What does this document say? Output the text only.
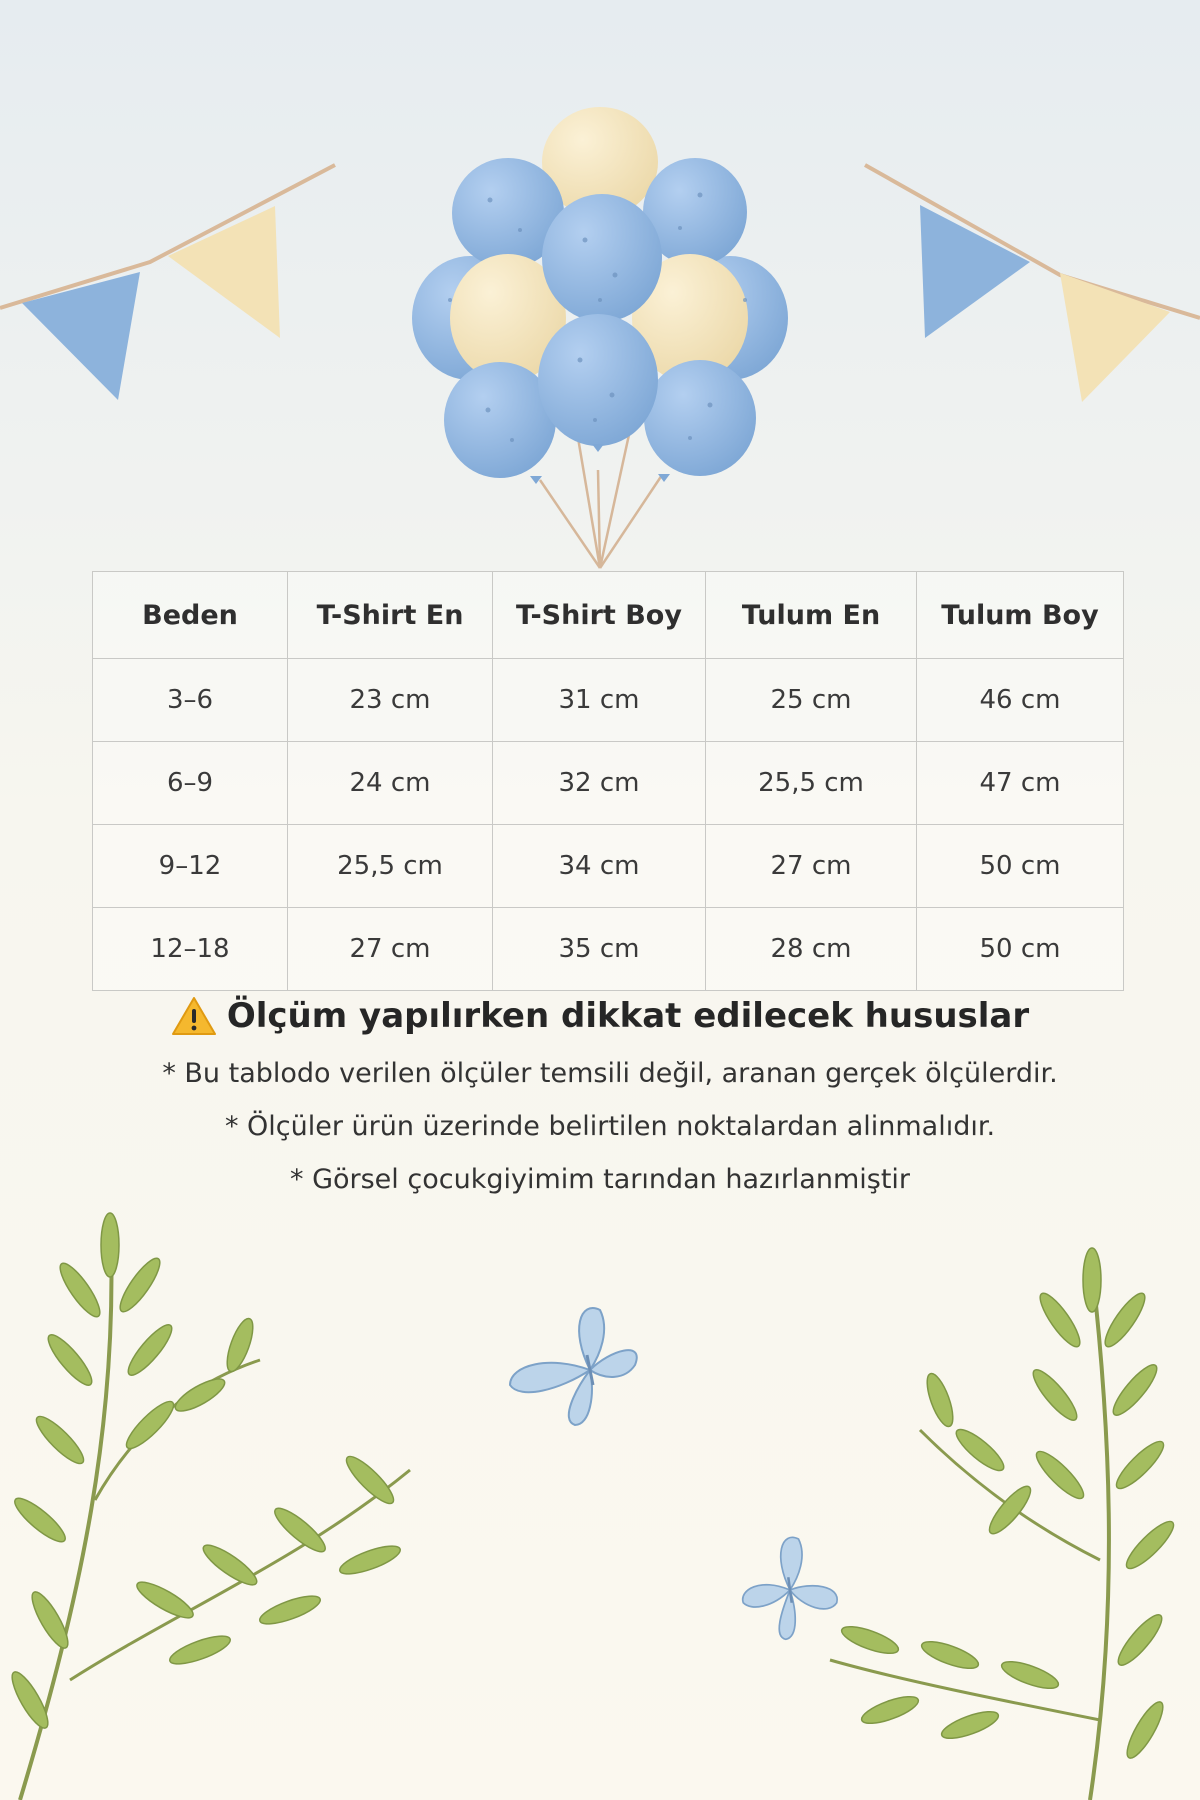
Beden	T-Shirt En	T-Shirt Boy	Tulum En	Tulum Boy
3–6	23 cm	31 cm	25 cm	46 cm
6–9	24 cm	32 cm	25,5 cm	47 cm
9–12	25,5 cm	34 cm	27 cm	50 cm
12–18	27 cm	35 cm	28 cm	50 cm
Ölçüm yapılırken dikkat edilecek hususlar
* Bu tablodo verilen ölçüler temsili değil, aranan gerçek ölçülerdir.
* Ölçüler ürün üzerinde belirtilen noktalardan alinmalıdır.
* Görsel çocukgiyimim tarından hazırlanmiştir
